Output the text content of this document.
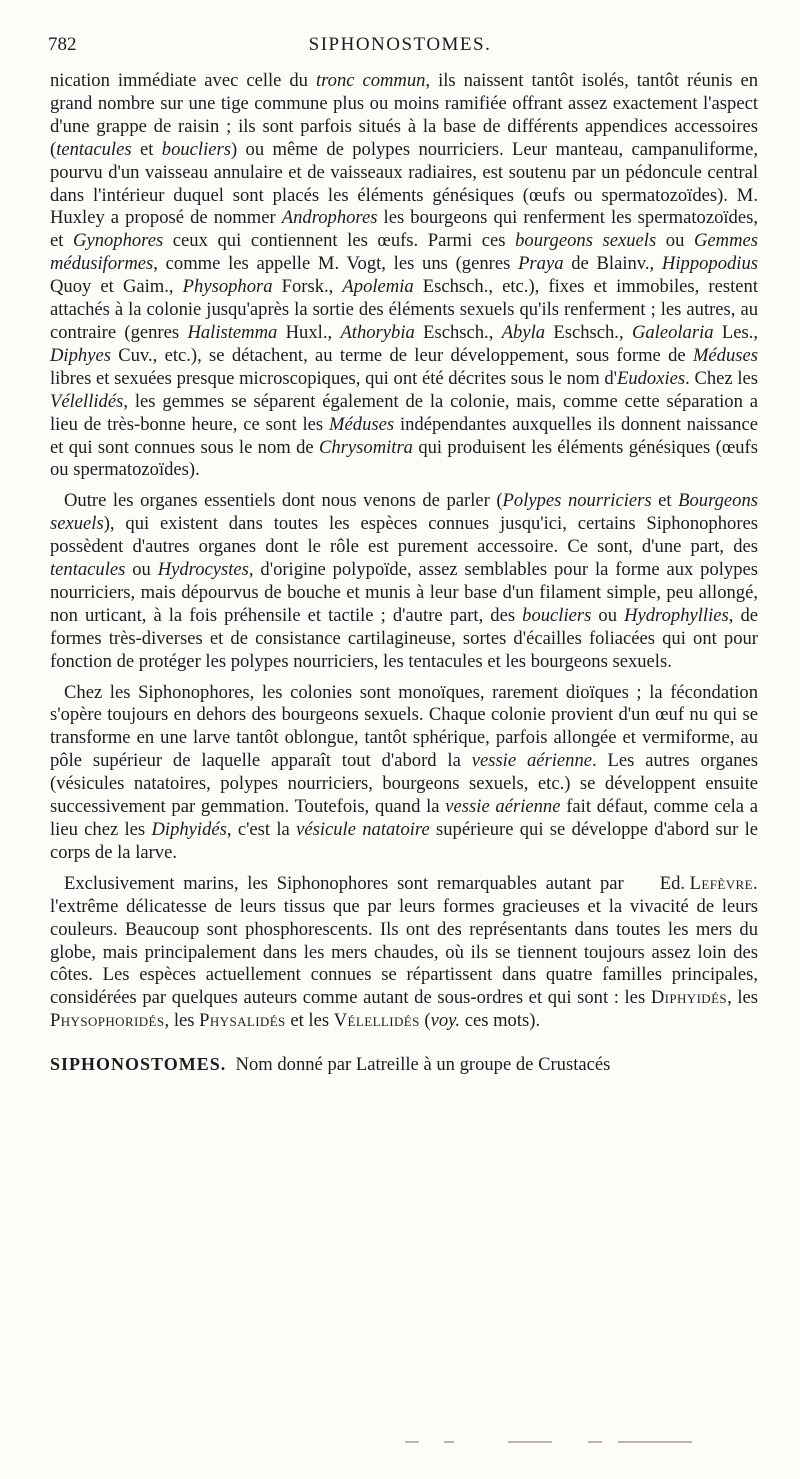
782	SIPHONOSTOMES.

nication immédiate avec celle du tronc commun, ils naissent tantôt isolés, tantôt réunis en grand nombre sur une tige commune plus ou moins ramifiée offrant assez exactement l'aspect d'une grappe de raisin ; ils sont parfois situés à la base de différents appendices accessoires (tentacules et boucliers) ou même de polypes nourriciers. Leur manteau, campanuliforme, pourvu d'un vaisseau annulaire et de vaisseaux radiaires, est soutenu par un pédoncule central dans l'intérieur duquel sont placés les éléments génésiques (œufs ou spermatozoïdes). M. Huxley a proposé de nommer Androphores les bourgeons qui renferment les spermatozoïdes, et Gynophores ceux qui contiennent les œufs. Parmi ces bourgeons sexuels ou Gemmes médusiformes, comme les appelle M. Vogt, les uns (genres Praya de Blainv., Hippopodius Quoy et Gaim., Physophora Forsk., Apolemia Eschsch., etc.), fixes et immobiles, restent attachés à la colonie jusqu'après la sortie des éléments sexuels qu'ils renferment ; les autres, au contraire (genres Halistemma Huxl., Athorybia Eschsch., Abyla Eschsch., Galeolaria Les., Diphyes Cuv., etc.), se détachent, au terme de leur développement, sous forme de Méduses libres et sexuées presque microscopiques, qui ont été décrites sous le nom d'Eudoxies. Chez les Vélellidés, les gemmes se séparent également de la colonie, mais, comme cette séparation a lieu de très-bonne heure, ce sont les Méduses indépendantes auxquelles ils donnent naissance et qui sont connues sous le nom de Chrysomitra qui produisent les éléments génésiques (œufs ou spermatozoïdes).

Outre les organes essentiels dont nous venons de parler (Polypes nourriciers et Bourgeons sexuels), qui existent dans toutes les espèces connues jusqu'ici, certains Siphonophores possèdent d'autres organes dont le rôle est purement accessoire. Ce sont, d'une part, des tentacules ou Hydrocystes, d'origine polypoïde, assez semblables pour la forme aux polypes nourriciers, mais dépourvus de bouche et munis à leur base d'un filament simple, peu allongé, non urticant, à la fois préhensile et tactile ; d'autre part, des boucliers ou Hydrophyllies, de formes très-diverses et de consistance cartilagineuse, sortes d'écailles foliacées qui ont pour fonction de protéger les polypes nourriciers, les tentacules et les bourgeons sexuels.

Chez les Siphonophores, les colonies sont monoïques, rarement dioïques ; la fécondation s'opère toujours en dehors des bourgeons sexuels. Chaque colonie provient d'un œuf nu qui se transforme en une larve tantôt oblongue, tantôt sphérique, parfois allongée et vermiforme, au pôle supérieur de laquelle apparaît tout d'abord la vessie aérienne. Les autres organes (vésicules natatoires, polypes nourriciers, bourgeons sexuels, etc.) se développent ensuite successivement par gemmation. Toutefois, quand la vessie aérienne fait défaut, comme cela a lieu chez les Diphyidés, c'est la vésicule natatoire supérieure qui se développe d'abord sur le corps de la larve.

Ed. Lefèvre.
Exclusivement marins, les Siphonophores sont remarquables autant par l'extrême délicatesse de leurs tissus que par leurs formes gracieuses et la vivacité de leurs couleurs. Beaucoup sont phosphorescents. Ils ont des représentants dans toutes les mers du globe, mais principalement dans les mers chaudes, où ils se tiennent toujours assez loin des côtes. Les espèces actuellement connues se répartissent dans quatre familles principales, considérées par quelques auteurs comme autant de sous-ordres et qui sont : les Diphyidés, les Physophoridés, les Physalidés et les Vélellidés (voy. ces mots).

SIPHONOSTOMES. Nom donné par Latreille à un groupe de Crustacés
